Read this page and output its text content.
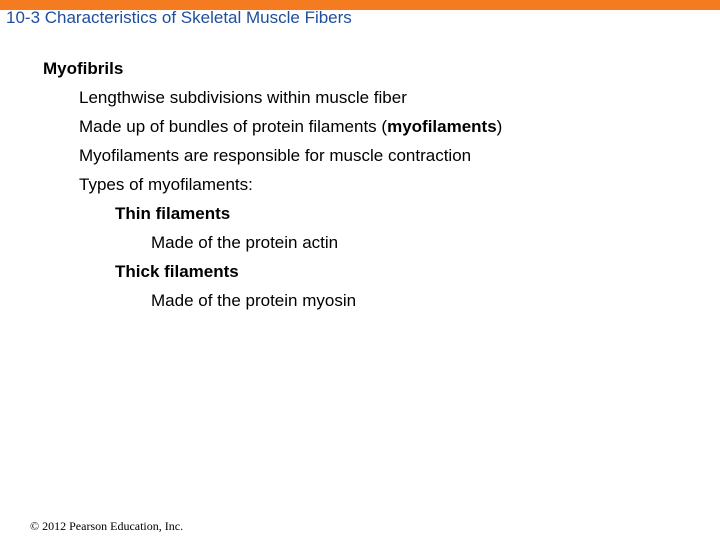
10-3 Characteristics of Skeletal Muscle Fibers
Myofibrils
Lengthwise subdivisions within muscle fiber
Made up of bundles of protein filaments (myofilaments)
Myofilaments are responsible for muscle contraction
Types of myofilaments:
Thin filaments
Made of the protein actin
Thick filaments
Made of the protein myosin
© 2012 Pearson Education, Inc.
